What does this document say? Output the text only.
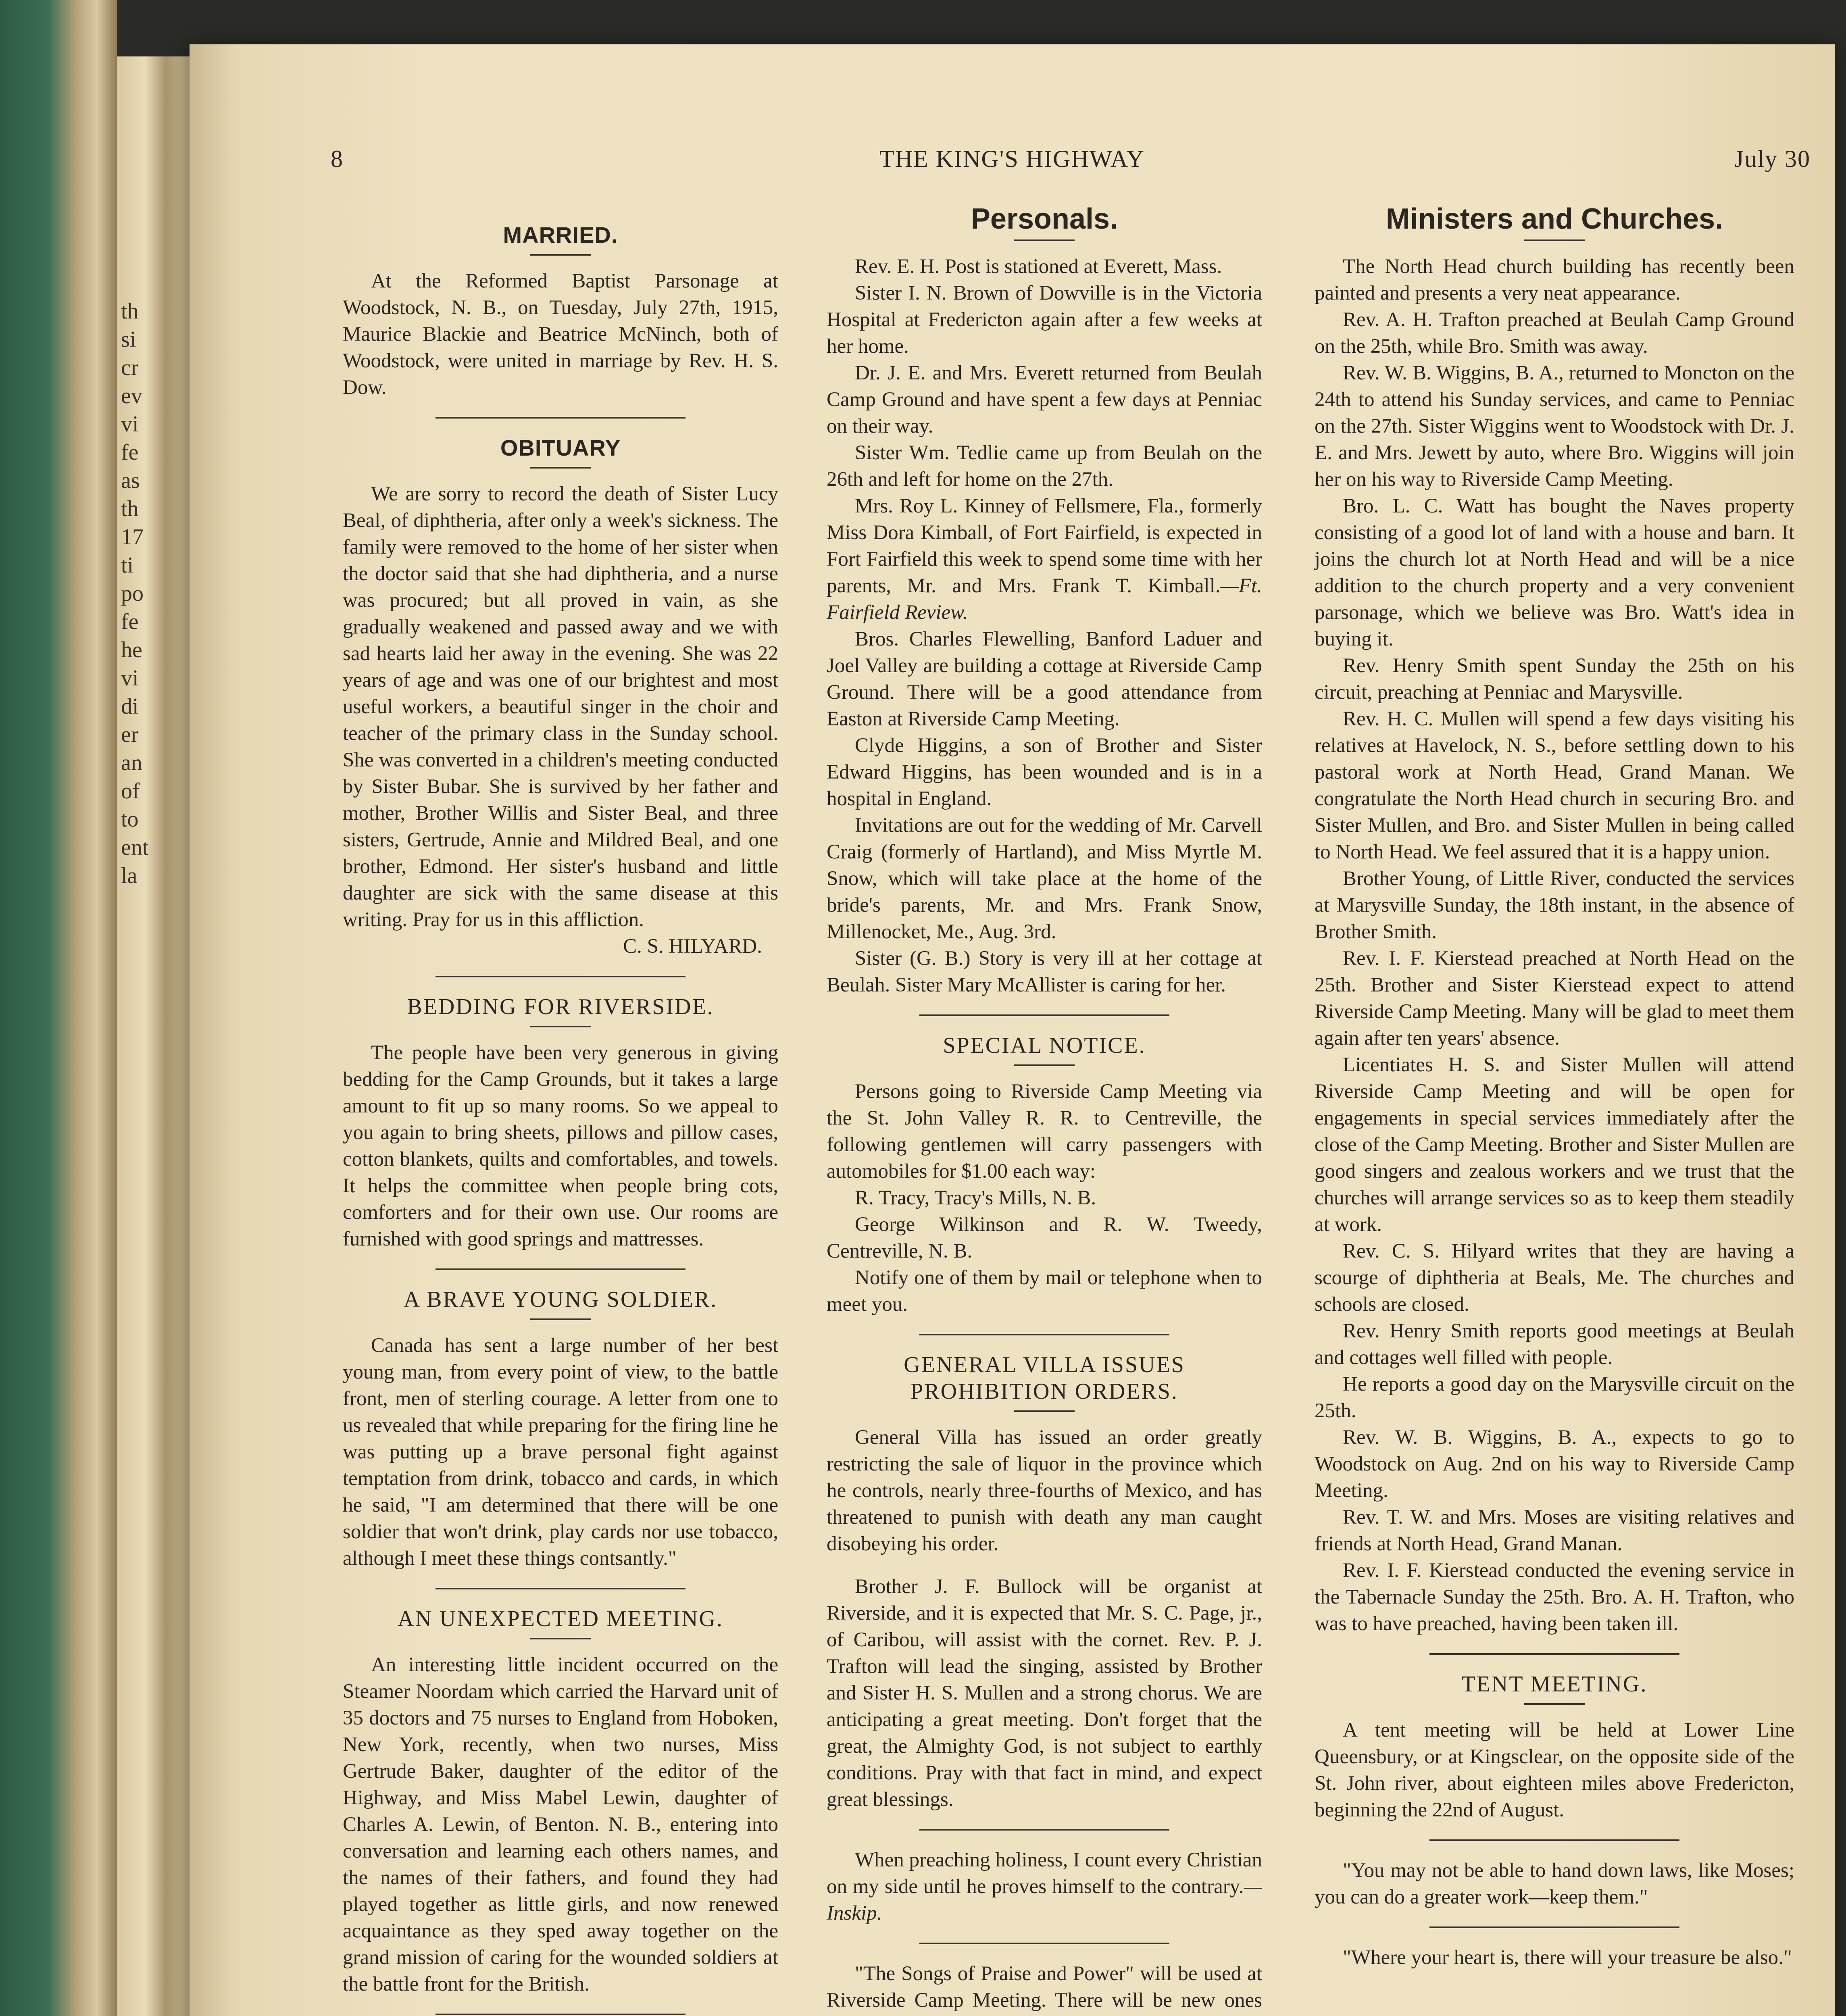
th
si
cr
ev
vi
fe
as
th
17
ti
po
fe
he
vi
di
er
an
of
to
ent
la
8	THE KING'S HIGHWAY	July 30
MARRIED.

At the Reformed Baptist Parsonage at Woodstock, N. B., on Tuesday, July 27th, 1915, Maurice Blackie and Beatrice McNinch, both of Woodstock, were united in marriage by Rev. H. S. Dow.

OBITUARY

We are sorry to record the death of Sister Lucy Beal, of diphtheria, after only a week's sickness. The family were removed to the home of her sister when the doctor said that she had diphtheria, and a nurse was procured; but all proved in vain, as she gradually weakened and passed away and we with sad hearts laid her away in the evening. She was 22 years of age and was one of our brightest and most useful workers, a beautiful singer in the choir and teacher of the primary class in the Sunday school. She was converted in a children's meeting conducted by Sister Bubar. She is survived by her father and mother, Brother Willis and Sister Beal, and three sisters, Gertrude, Annie and Mildred Beal, and one brother, Edmond. Her sister's husband and little daughter are sick with the same disease at this writing. Pray for us in this affliction.

C. S. HILYARD.

BEDDING FOR RIVERSIDE.

The people have been very generous in giving bedding for the Camp Grounds, but it takes a large amount to fit up so many rooms. So we appeal to you again to bring sheets, pillows and pillow cases, cotton blankets, quilts and comfortables, and towels. It helps the committee when people bring cots, comforters and for their own use. Our rooms are furnished with good springs and mattresses.

A BRAVE YOUNG SOLDIER.

Canada has sent a large number of her best young man, from every point of view, to the battle front, men of sterling courage. A letter from one to us revealed that while preparing for the firing line he was putting up a brave personal fight against temptation from drink, tobacco and cards, in which he said, "I am determined that there will be one soldier that won't drink, play cards nor use tobacco, although I meet these things contsantly."

AN UNEXPECTED MEETING.

An interesting little incident occurred on the Steamer Noordam which carried the Harvard unit of 35 doctors and 75 nurses to England from Hoboken, New York, recently, when two nurses, Miss Gertrude Baker, daughter of the editor of the Highway, and Miss Mabel Lewin, daughter of Charles A. Lewin, of Benton. N. B., entering into conversation and learning each others names, and the names of their fathers, and found they had played together as little girls, and now renewed acquaintance as they sped away together on the grand mission of caring for the wounded soldiers at the battle front for the British.

Personals.

Rev. E. H. Post is stationed at Everett, Mass.

Sister I. N. Brown of Dowville is in the Victoria Hospital at Fredericton again after a few weeks at her home.

Dr. J. E. and Mrs. Everett returned from Beulah Camp Ground and have spent a few days at Penniac on their way.

Sister Wm. Tedlie came up from Beulah on the 26th and left for home on the 27th.

Mrs. Roy L. Kinney of Fellsmere, Fla., formerly Miss Dora Kimball, of Fort Fairfield, is expected in Fort Fairfield this week to spend some time with her parents, Mr. and Mrs. Frank T. Kimball.—Ft. Fairfield Review.

Bros. Charles Flewelling, Banford Laduer and Joel Valley are building a cottage at Riverside Camp Ground. There will be a good attendance from Easton at Riverside Camp Meeting.

Clyde Higgins, a son of Brother and Sister Edward Higgins, has been wounded and is in a hospital in England.

Invitations are out for the wedding of Mr. Carvell Craig (formerly of Hartland), and Miss Myrtle M. Snow, which will take place at the home of the bride's parents, Mr. and Mrs. Frank Snow, Millenocket, Me., Aug. 3rd.

Sister (G. B.) Story is very ill at her cottage at Beulah. Sister Mary McAllister is caring for her.

SPECIAL NOTICE.

Persons going to Riverside Camp Meeting via the St. John Valley R. R. to Centreville, the following gentlemen will carry passengers with automobiles for $1.00 each way:

R. Tracy, Tracy's Mills, N. B.

George Wilkinson and R. W. Tweedy, Centreville, N. B.

Notify one of them by mail or telephone when to meet you.

GENERAL VILLA ISSUES PROHIBITION ORDERS.

General Villa has issued an order greatly restricting the sale of liquor in the province which he controls, nearly three-fourths of Mexico, and has threatened to punish with death any man caught disobeying his order.

Brother J. F. Bullock will be organist at Riverside, and it is expected that Mr. S. C. Page, jr., of Caribou, will assist with the cornet. Rev. P. J. Trafton will lead the singing, assisted by Brother and Sister H. S. Mullen and a strong chorus. We are anticipating a great meeting. Don't forget that the great, the Almighty God, is not subject to earthly conditions. Pray with that fact in mind, and expect great blessings.

When preaching holiness, I count every Christian on my side until he proves himself to the contrary.—Inskip.

"The Songs of Praise and Power" will be used at Riverside Camp Meeting. There will be new ones

Ministers and Churches.

The North Head church building has recently been painted and presents a very neat appearance.

Rev. A. H. Trafton preached at Beulah Camp Ground on the 25th, while Bro. Smith was away.

Rev. W. B. Wiggins, B. A., returned to Moncton on the 24th to attend his Sunday services, and came to Penniac on the 27th. Sister Wiggins went to Woodstock with Dr. J. E. and Mrs. Jewett by auto, where Bro. Wiggins will join her on his way to Riverside Camp Meeting.

Bro. L. C. Watt has bought the Naves property consisting of a good lot of land with a house and barn. It joins the church lot at North Head and will be a nice addition to the church property and a very convenient parsonage, which we believe was Bro. Watt's idea in buying it.

Rev. Henry Smith spent Sunday the 25th on his circuit, preaching at Penniac and Marysville.

Rev. H. C. Mullen will spend a few days visiting his relatives at Havelock, N. S., before settling down to his pastoral work at North Head, Grand Manan. We congratulate the North Head church in securing Bro. and Sister Mullen, and Bro. and Sister Mullen in being called to North Head. We feel assured that it is a happy union.

Brother Young, of Little River, conducted the services at Marysville Sunday, the 18th instant, in the absence of Brother Smith.

Rev. I. F. Kierstead preached at North Head on the 25th. Brother and Sister Kierstead expect to attend Riverside Camp Meeting. Many will be glad to meet them again after ten years' absence.

Licentiates H. S. and Sister Mullen will attend Riverside Camp Meeting and will be open for engagements in special services immediately after the close of the Camp Meeting. Brother and Sister Mullen are good singers and zealous workers and we trust that the churches will arrange services so as to keep them steadily at work.

Rev. C. S. Hilyard writes that they are having a scourge of diphtheria at Beals, Me. The churches and schools are closed.

Rev. Henry Smith reports good meetings at Beulah and cottages well filled with people.

He reports a good day on the Marysville circuit on the 25th.

Rev. W. B. Wiggins, B. A., expects to go to Woodstock on Aug. 2nd on his way to Riverside Camp Meeting.

Rev. T. W. and Mrs. Moses are visiting relatives and friends at North Head, Grand Manan.

Rev. I. F. Kierstead conducted the evening service in the Tabernacle Sunday the 25th. Bro. A. H. Trafton, who was to have preached, having been taken ill.

TENT MEETING.

A tent meeting will be held at Lower Line Queensbury, or at Kingsclear, on the opposite side of the St. John river, about eighteen miles above Fredericton, beginning the 22nd of August.

"You may not be able to hand down laws, like Moses; you can do a greater work—keep them."

"Where your heart is, there will your treasure be also."
